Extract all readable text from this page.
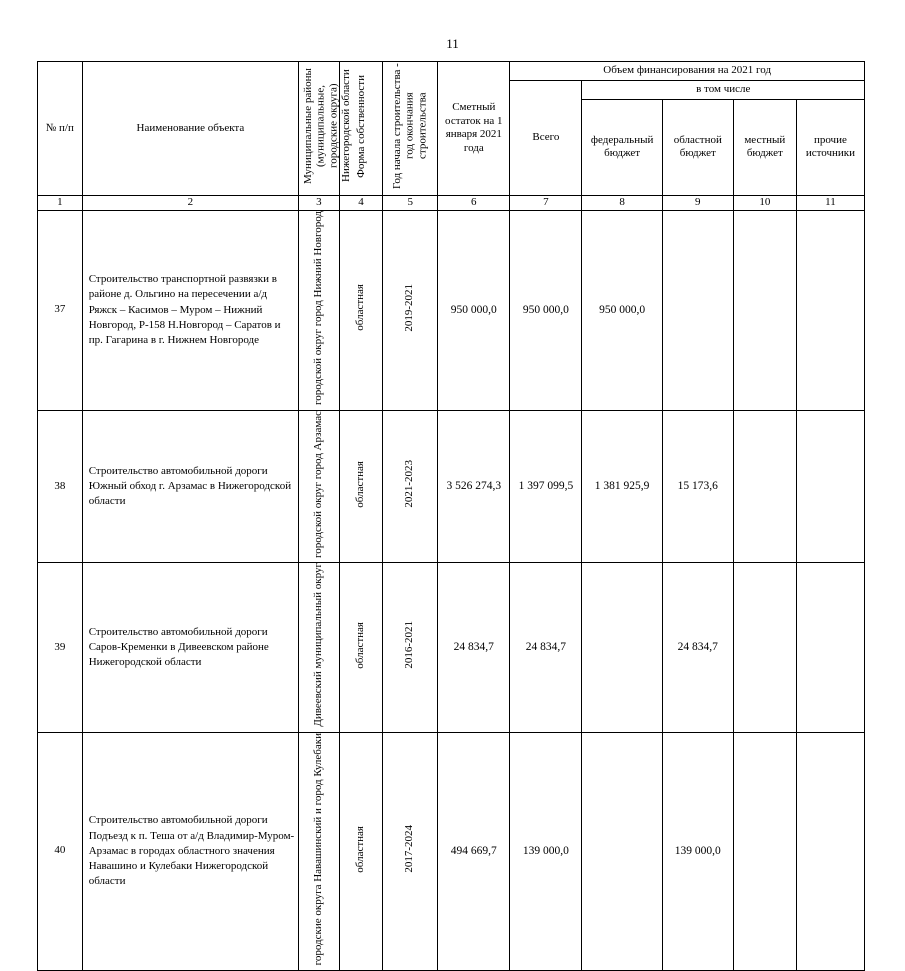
11
№ п/п	Наименование объекта	Муниципальные районы (муниципальные, городские округа) Нижегородской области	Форма собственности	Год начала строительства - год окончания строительства	Сметный остаток на 1 января 2021 года	Объем финансирования на 2021 год				
						Всего	в том числе			
							федеральный бюджет	областной бюджет	местный бюджет	прочие источники
1	2	3	4	5	6	7	8	9	10	11
37	Строительство транспортной развязки в районе д. Ольгино на пересечении а/д Ряжск – Касимов – Муром – Нижний Новгород, Р-158 Н.Новгород – Саратов и пр. Гагарина в г. Нижнем Новгороде	городской округ город Нижний Новгород	областная	2019-2021	950 000,0	950 000,0	950 000,0			
38	Строительство автомобильной дороги Южный обход г. Арзамас в Нижегородской области	городской округ город Арзамас	областная	2021-2023	3 526 274,3	1 397 099,5	1 381 925,9	15 173,6		
39	Строительство автомобильной дороги Саров-Кременки в Дивеевском районе Нижегородской области	Дивеевский муниципальный округ	областная	2016-2021	24 834,7	24 834,7		24 834,7		
40	Строительство автомобильной дороги Подъезд к п. Теша от а/д Владимир-Муром-Арзамас в городах областного значения Навашино и Кулебаки Нижегородской области	городские округа Навашинский и город Кулебаки	областная	2017-2024	494 669,7	139 000,0		139 000,0		
